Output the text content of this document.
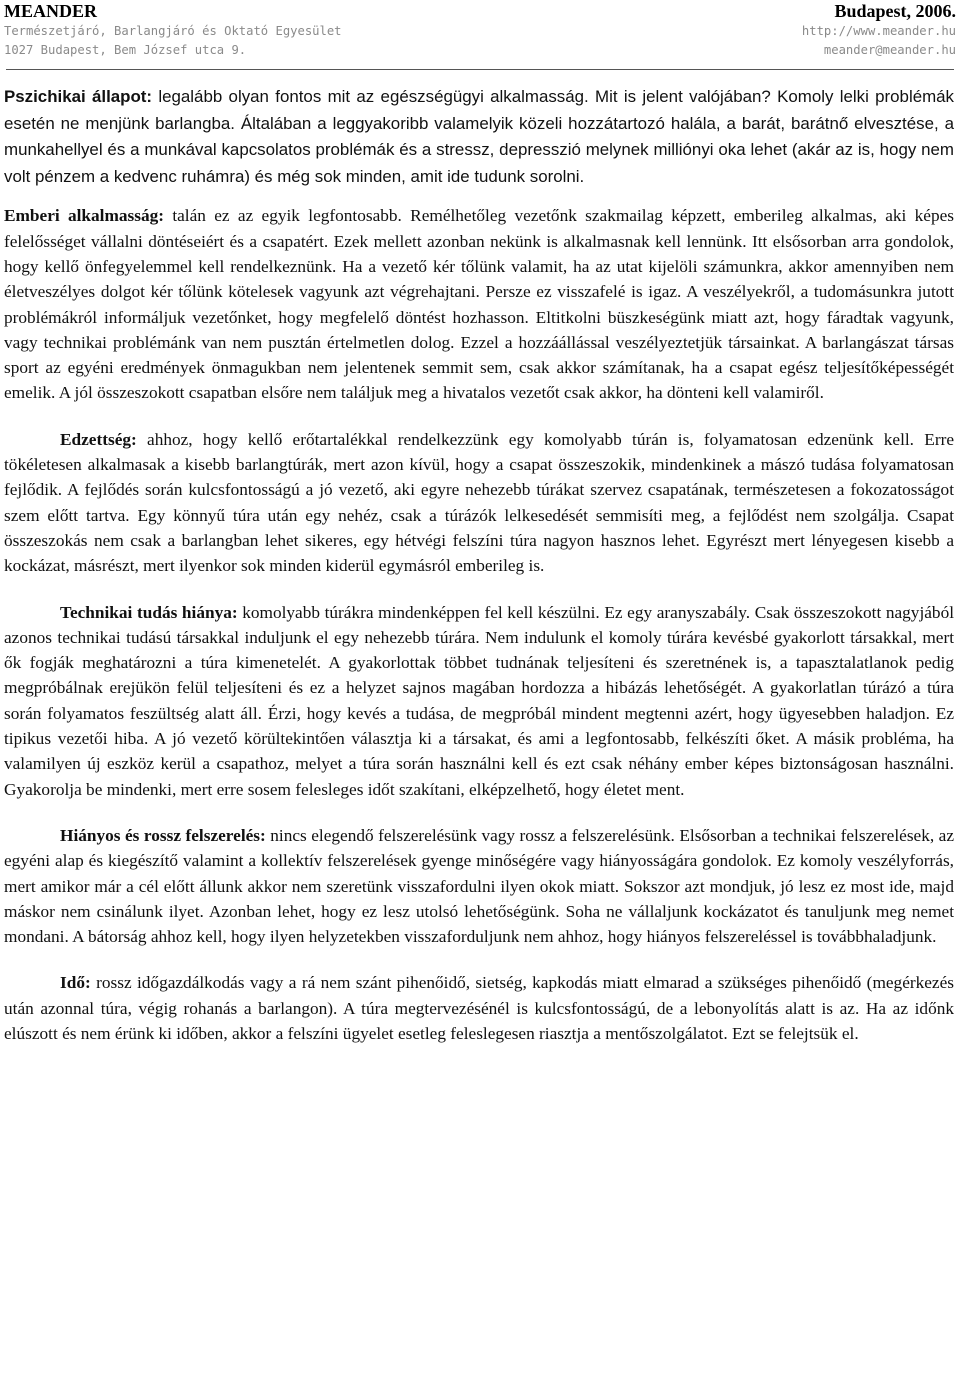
MEANDER
Természetjáró, Barlangjáró és Oktató Egyesület
1027 Budapest, Bem József utca 9.
Budapest, 2006.
http://www.meander.hu
meander@meander.hu

Pszichikai állapot: legalább olyan fontos mit az egészségügyi alkalmasság. Mit is jelent valójában? Komoly lelki problémák esetén ne menjünk barlangba. Általában a leggyakoribb valamelyik közeli hozzátartozó halála, a barát, barátnő elvesztése, a munkahellyel és a munkával kapcsolatos problémák és a stressz, depresszió melynek milliónyi oka lehet (akár az is, hogy nem volt pénzem a kedvenc ruhámra) és még sok minden, amit ide tudunk sorolni.

Emberi alkalmasság: talán ez az egyik legfontosabb. Remélhetőleg vezetőnk szakmailag képzett, emberileg alkalmas, aki képes felelősséget vállalni döntéseiért és a csapatért. Ezek mellett azonban nekünk is alkalmasnak kell lennünk. Itt elsősorban arra gondolok, hogy kellő önfegyelemmel kell rendelkeznünk. Ha a vezető kér tőlünk valamit, ha az utat kijelöli számunkra, akkor amennyiben nem életveszélyes dolgot kér tőlünk kötelesek vagyunk azt végrehajtani. Persze ez visszafelé is igaz. A veszélyekről, a tudomásunkra jutott problémákról informáljuk vezetőnket, hogy megfelelő döntést hozhasson. Eltitkolni büszkeségünk miatt azt, hogy fáradtak vagyunk, vagy technikai problémánk van nem pusztán értelmetlen dolog. Ezzel a hozzáállással veszélyeztetjük társainkat. A barlangászat társas sport az egyéni eredmények önmagukban nem jelentenek semmit sem, csak akkor számítanak, ha a csapat egész teljesítőképességét emelik. A jól összeszokott csapatban elsőre nem találjuk meg a hivatalos vezetőt csak akkor, ha dönteni kell valamiről.

Edzettség: ahhoz, hogy kellő erőtartalékkal rendelkezzünk egy komolyabb túrán is, folyamatosan edzenünk kell. Erre tökéletesen alkalmasak a kisebb barlangtúrák, mert azon kívül, hogy a csapat összeszokik, mindenkinek a mászó tudása folyamatosan fejlődik. A fejlődés során kulcsfontosságú a jó vezető, aki egyre nehezebb túrákat szervez csapatának, természetesen a fokozatosságot szem előtt tartva. Egy könnyű túra után egy nehéz, csak a túrázók lelkesedését semmisíti meg, a fejlődést nem szolgálja. Csapat összeszokás nem csak a barlangban lehet sikeres, egy hétvégi felszíni túra nagyon hasznos lehet. Egyrészt mert lényegesen kisebb a kockázat, másrészt, mert ilyenkor sok minden kiderül egymásról emberileg is.

Technikai tudás hiánya: komolyabb túrákra mindenképpen fel kell készülni. Ez egy aranyszabály. Csak összeszokott nagyjából azonos technikai tudású társakkal induljunk el egy nehezebb túrára. Nem indulunk el komoly túrára kevésbé gyakorlott társakkal, mert ők fogják meghatározni a túra kimenetelét. A gyakorlottak többet tudnának teljesíteni és szeretnének is, a tapasztalatlanok pedig megpróbálnak erejükön felül teljesíteni és ez a helyzet sajnos magában hordozza a hibázás lehetőségét. A gyakorlatlan túrázó a túra során folyamatos feszültség alatt áll. Érzi, hogy kevés a tudása, de megpróbál mindent megtenni azért, hogy ügyesebben haladjon. Ez tipikus vezetői hiba. A jó vezető körültekintően választja ki a társakat, és ami a legfontosabb, felkészíti őket. A másik probléma, ha valamilyen új eszköz kerül a csapathoz, melyet a túra során használni kell és ezt csak néhány ember képes biztonságosan használni. Gyakorolja be mindenki, mert erre sosem felesleges időt szakítani, elképzelhető, hogy életet ment.

Hiányos és rossz felszerelés: nincs elegendő felszerelésünk vagy rossz a felszerelésünk. Elsősorban a technikai felszerelések, az egyéni alap és kiegészítő valamint a kollektív felszerelések gyenge minőségére vagy hiányosságára gondolok. Ez komoly veszélyforrás, mert amikor már a cél előtt állunk akkor nem szeretünk visszafordulni ilyen okok miatt. Sokszor azt mondjuk, jó lesz ez most ide, majd máskor nem csinálunk ilyet. Azonban lehet, hogy ez lesz utolsó lehetőségünk. Soha ne vállaljunk kockázatot és tanuljunk meg nemet mondani. A bátorság ahhoz kell, hogy ilyen helyzetekben visszaforduljunk nem ahhoz, hogy hiányos felszereléssel is továbbhaladjunk.

Idő: rossz időgazdálkodás vagy a rá nem szánt pihenőidő, sietség, kapkodás miatt elmarad a szükséges pihenőidő (megérkezés után azonnal túra, végig rohanás a barlangon). A túra megtervezésénél is kulcsfontosságú, de a lebonyolítás alatt is az. Ha az időnk elúszott és nem érünk ki időben, akkor a felszíni ügyelet esetleg feleslegesen riasztja a mentőszolgálatot. Ezt se felejtsük el.
